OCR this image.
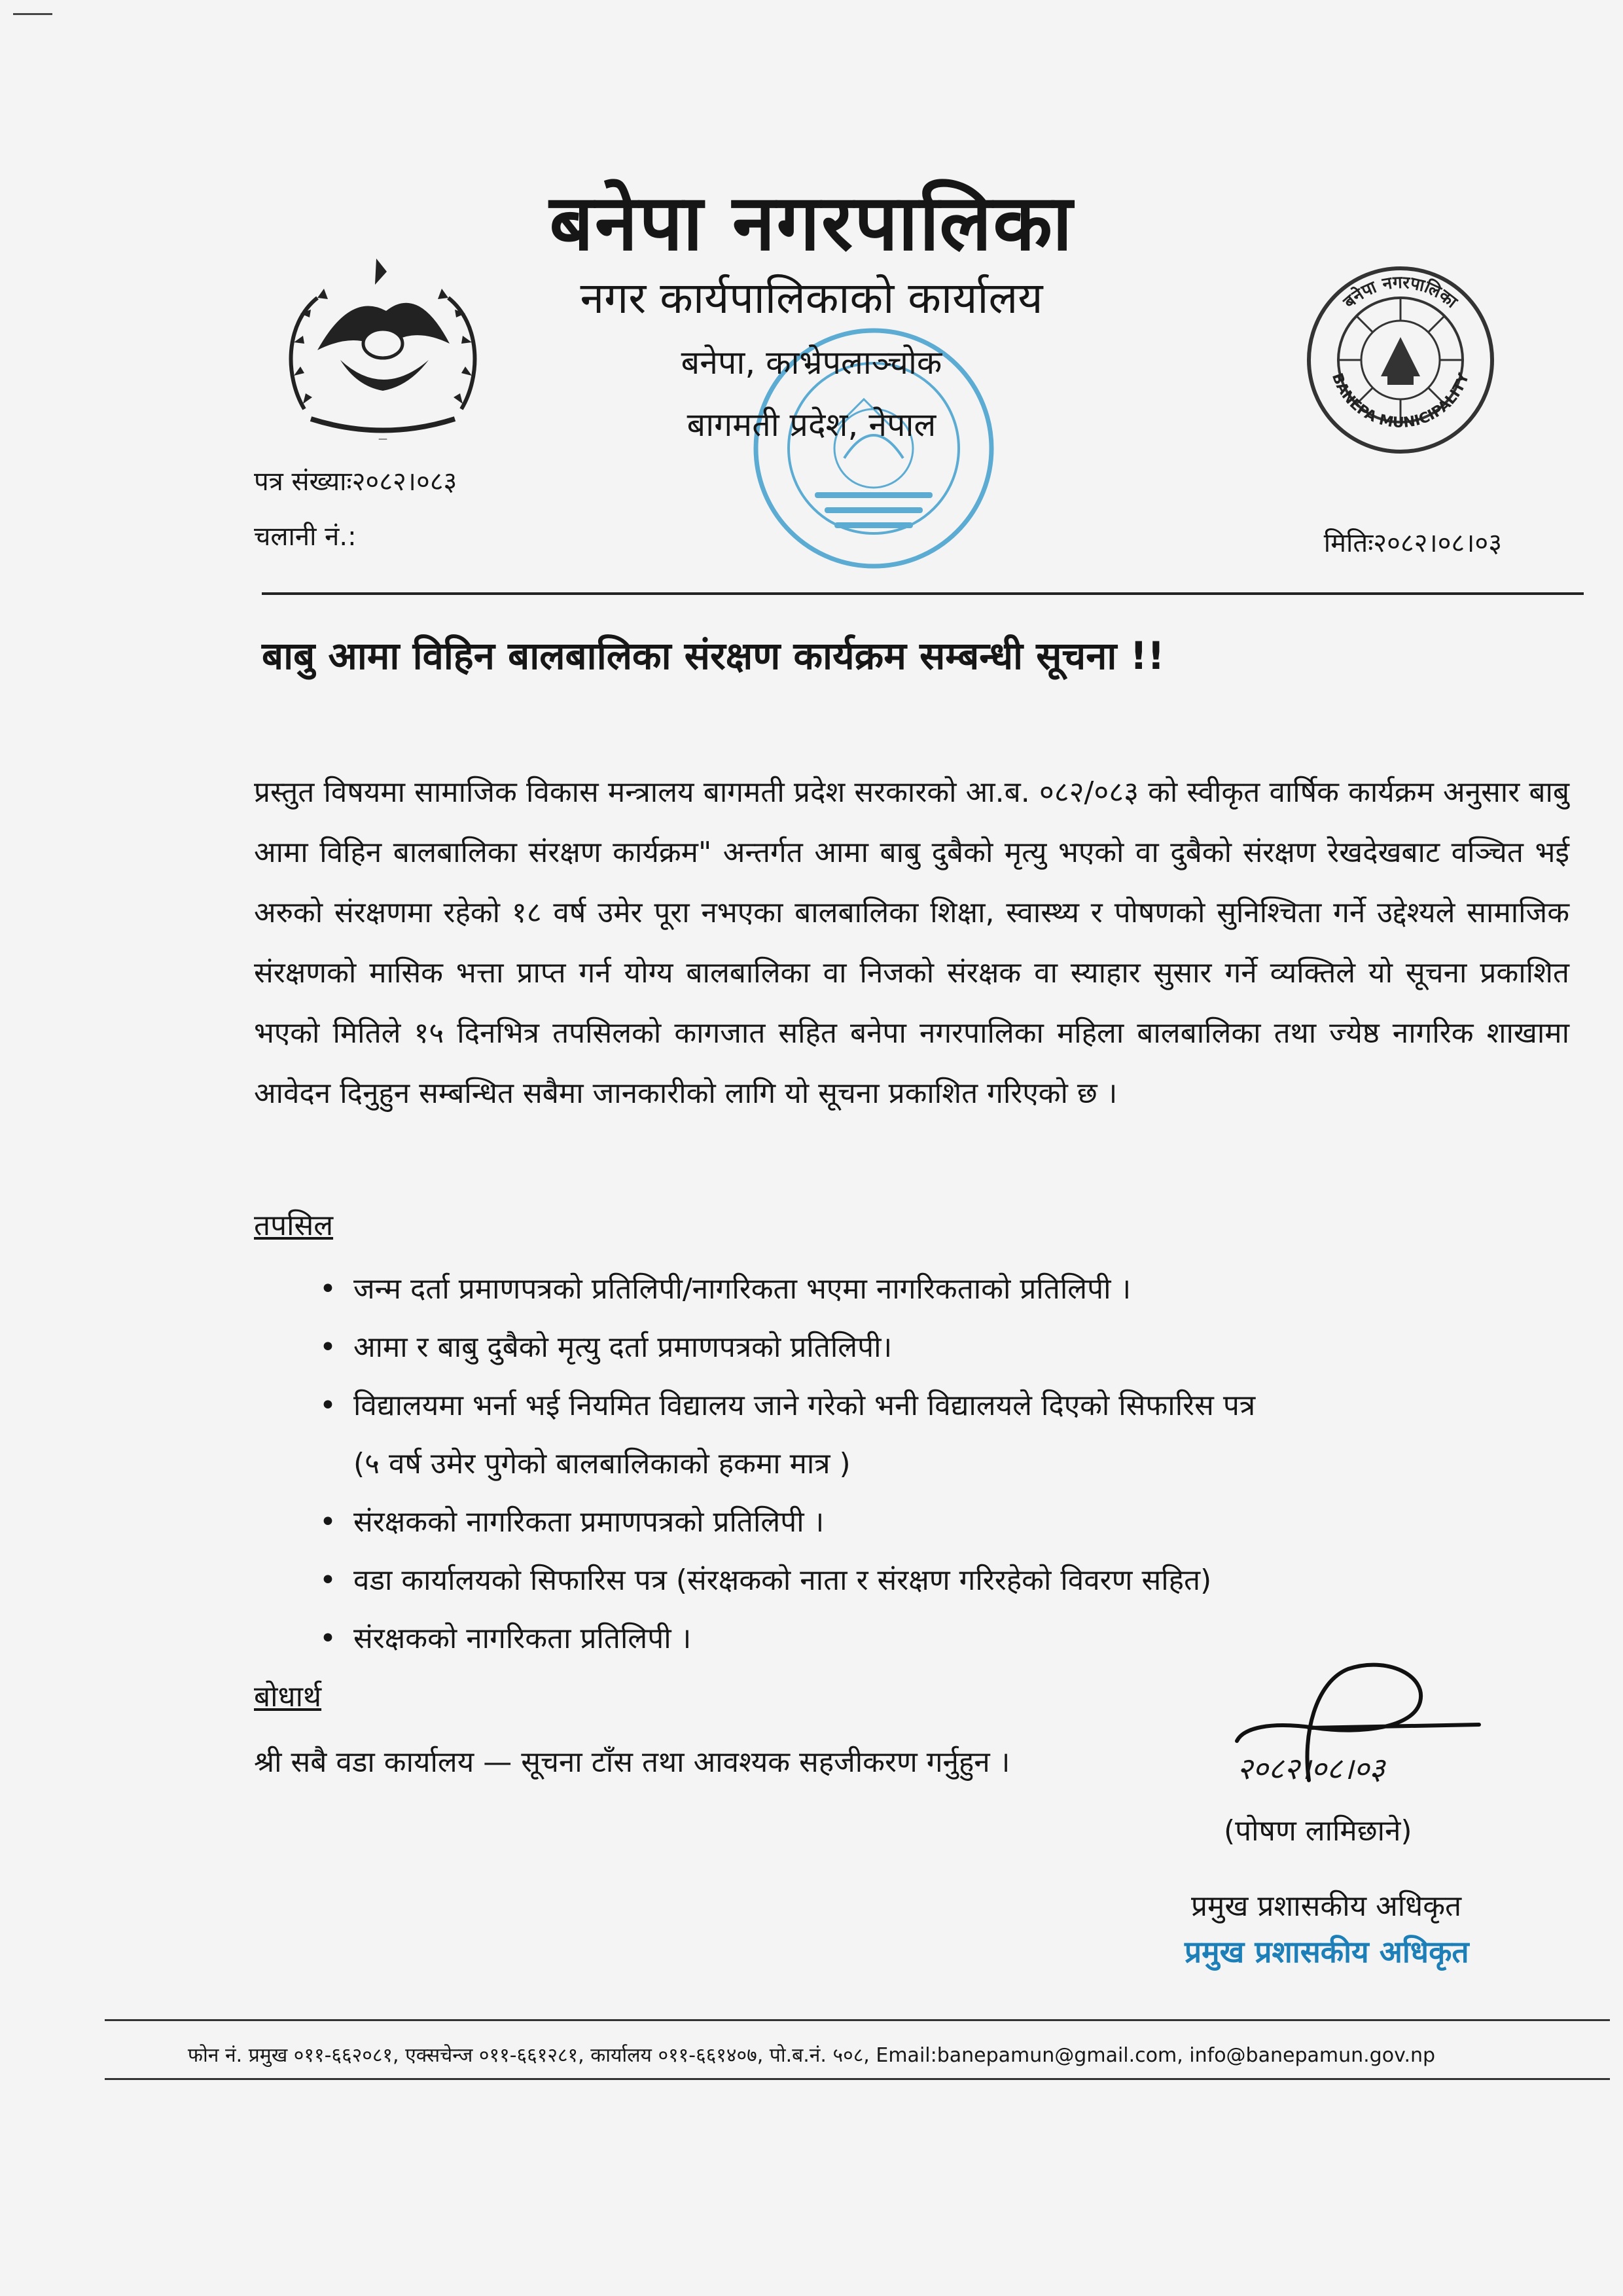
—
बनेपा नगरपालिका
BANEPA MUNICIPALITY
बनेपा नगरपालिका
नगर कार्यपालिकाको कार्यालय
बनेपा, काभ्रेपलाञ्चोक
बागमती प्रदेश, नेपाल
पत्र संख्याः२०८२।०८३
चलानी नं.:	मितिः२०८२।०८।०३
बाबु आमा विहिन बालबालिका संरक्षण कार्यक्रम सम्बन्धी सूचना !!
प्रस्तुत विषयमा सामाजिक विकास मन्त्रालय बागमती प्रदेश सरकारको आ.ब. ०८२/०८३ को स्वीकृत वार्षिक कार्यक्रम अनुसार बाबु आमा विहिन बालबालिका संरक्षण कार्यक्रम" अन्तर्गत आमा बाबु दुबैको मृत्यु भएको वा दुबैको संरक्षण रेखदेखबाट वञ्चित भई अरुको संरक्षणमा रहेको १८ वर्ष उमेर पूरा नभएका बालबालिका शिक्षा, स्वास्थ्य र पोषणको सुनिश्चिता गर्ने उद्देश्यले सामाजिक संरक्षणको मासिक भत्ता प्राप्त गर्न योग्य बालबालिका वा निजको संरक्षक वा स्याहार सुसार गर्ने व्यक्तिले यो सूचना प्रकाशित भएको मितिले १५ दिनभित्र तपसिलको कागजात सहित बनेपा नगरपालिका महिला बालबालिका तथा ज्येष्ठ नागरिक शाखामा आवेदन दिनुहुन सम्बन्धित सबैमा जानकारीको लागि यो सूचना प्रकाशित गरिएको छ ।
तपसिल
• जन्म दर्ता प्रमाणपत्रको प्रतिलिपी/नागरिकता भएमा नागरिकताको प्रतिलिपी ।
• आमा र बाबु दुबैको मृत्यु दर्ता प्रमाणपत्रको प्रतिलिपी।
• विद्यालयमा भर्ना भई नियमित विद्यालय जाने गरेको भनी विद्यालयले दिएको सिफारिस पत्र
(५ वर्ष उमेर पुगेको बालबालिकाको हकमा मात्र )
• संरक्षकको नागरिकता प्रमाणपत्रको प्रतिलिपी ।
• वडा कार्यालयको सिफारिस पत्र (संरक्षकको नाता र संरक्षण गरिरहेको विवरण सहित)
• संरक्षकको नागरिकता प्रतिलिपी ।
बोधार्थ
श्री सबै वडा कार्यालय — सूचना टाँस तथा आवश्यक सहजीकरण गर्नुहुन ।	२०८२।०८।०३
(पोषण लामिछाने)
प्रमुख प्रशासकीय अधिकृत
प्रमुख प्रशासकीय अधिकृत
फोन नं. प्रमुख ०११-६६२०८१, एक्सचेन्ज ०११-६६१२८१, कार्यालय ०११-६६१४०७, पो.ब.नं. ५०८, Email:banepamun@gmail.com, info@banepamun.gov.np
